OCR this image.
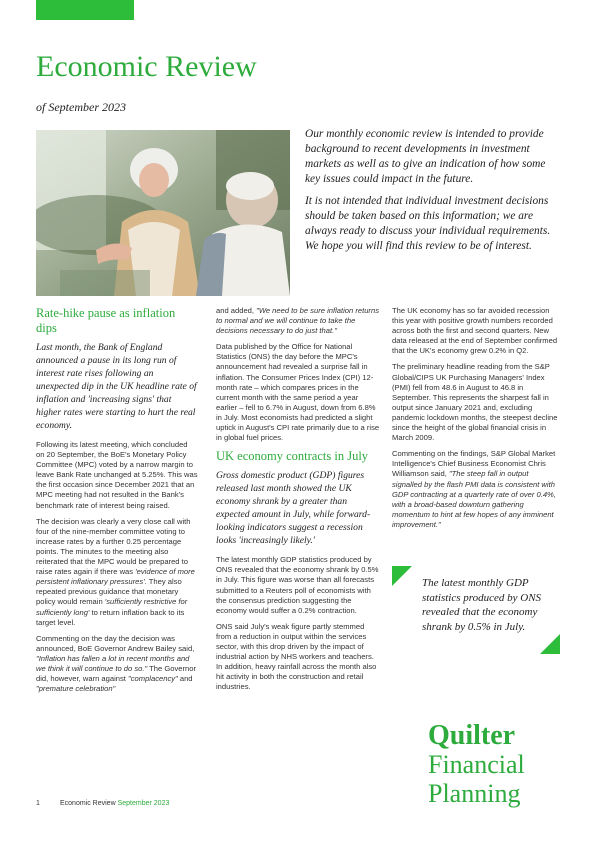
Economic Review
of September 2023

Our monthly economic review is intended to provide background to recent developments in investment markets as well as to give an indication of how some key issues could impact in the future.

It is not intended that individual investment decisions should be taken based on this information; we are always ready to discuss your individual requirements. We hope you will find this review to be of interest.

Rate-hike pause as inflation dips
Last month, the Bank of England announced a pause in its long run of interest rate rises following an unexpected dip in the UK headline rate of inflation and 'increasing signs' that higher rates were starting to hurt the real economy.

Following its latest meeting, which concluded on 20 September, the BoE's Monetary Policy Committee (MPC) voted by a narrow margin to leave Bank Rate unchanged at 5.25%. This was the first occasion since December 2021 that an MPC meeting had not resulted in the Bank's benchmark rate of interest being raised.

The decision was clearly a very close call with four of the nine-member committee voting to increase rates by a further 0.25 percentage points. The minutes to the meeting also reiterated that the MPC would be prepared to raise rates again if there was 'evidence of more persistent inflationary pressures'. They also repeated previous guidance that monetary policy would remain 'sufficiently restrictive for sufficiently long' to return inflation back to its target level.

Commenting on the day the decision was announced, BoE Governor Andrew Bailey said, "Inflation has fallen a lot in recent months and we think it will continue to do so." The Governor did, however, warn against "complacency" and "premature celebration"

and added, "We need to be sure inflation returns to normal and we will continue to take the decisions necessary to do just that."

Data published by the Office for National Statistics (ONS) the day before the MPC's announcement had revealed a surprise fall in inflation. The Consumer Prices Index (CPI) 12-month rate – which compares prices in the current month with the same period a year earlier – fell to 6.7% in August, down from 6.8% in July. Most economists had predicted a slight uptick in August's CPI rate primarily due to a rise in global fuel prices.

UK economy contracts in July
Gross domestic product (GDP) figures released last month showed the UK economy shrank by a greater than expected amount in July, while forward-looking indicators suggest a recession looks 'increasingly likely.'

The latest monthly GDP statistics produced by ONS revealed that the economy shrank by 0.5% in July. This figure was worse than all forecasts submitted to a Reuters poll of economists with the consensus prediction suggesting the economy would suffer a 0.2% contraction.

ONS said July's weak figure partly stemmed from a reduction in output within the services sector, with this drop driven by the impact of industrial action by NHS workers and teachers. In addition, heavy rainfall across the month also hit activity in both the construction and retail industries.

The UK economy has so far avoided recession this year with positive growth numbers recorded across both the first and second quarters. New data released at the end of September confirmed that the UK's economy grew 0.2% in Q2.

The preliminary headline reading from the S&P Global/CIPS UK Purchasing Managers' Index (PMI) fell from 48.6 in August to 46.8 in September. This represents the sharpest fall in output since January 2021 and, excluding pandemic lockdown months, the steepest decline since the height of the global financial crisis in March 2009.

Commenting on the findings, S&P Global Market Intelligence's Chief Business Economist Chris Williamson said, "The steep fall in output signalled by the flash PMI data is consistent with GDP contracting at a quarterly rate of over 0.4%, with a broad-based downturn gathering momentum to hint at few hopes of any imminent improvement."

The latest monthly GDP statistics produced by ONS revealed that the economy shrank by 0.5% in July.
Quilter
Financial
Planning
1	Economic Review September 2023
